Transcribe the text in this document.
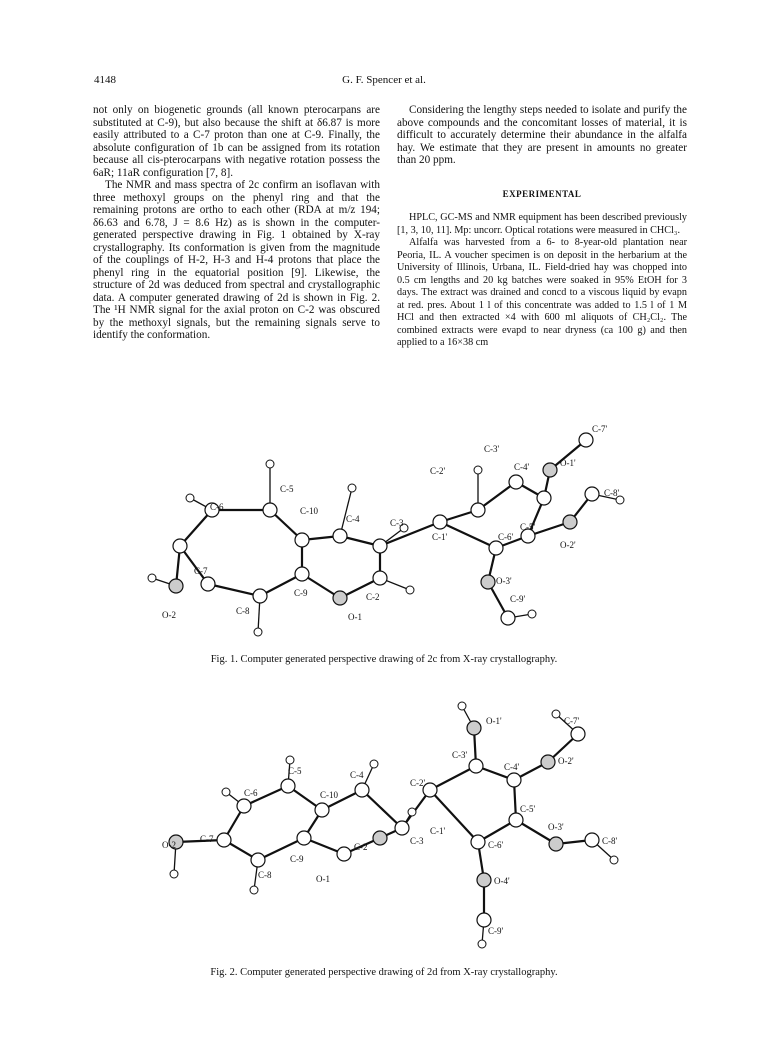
4148	G. F. Spencer et al.

not only on biogenetic grounds (all known pterocarpans are substituted at C-9), but also because the shift at δ6.87 is more easily attributed to a C-7 proton than one at C-9. Finally, the absolute configuration of 1b can be assigned from its rotation because all cis-pterocarpans with negative rotation possess the 6aR; 11aR configuration [7, 8].

The NMR and mass spectra of 2c confirm an isoflavan with three methoxyl groups on the phenyl ring and that the remaining protons are ortho to each other (RDA at m/z 194; δ6.63 and 6.78, J = 8.6 Hz) as is shown in the computer-generated perspective drawing in Fig. 1 obtained by X-ray crystallography. Its conformation is given from the magnitude of the couplings of H-2, H-3 and H-4 protons that place the phenyl ring in the equatorial position [9]. Likewise, the structure of 2d was deduced from spectral and crystallographic data. A computer generated drawing of 2d is shown in Fig. 2. The ¹H NMR signal for the axial proton on C-2 was obscured by the methoxyl signals, but the remaining signals serve to identify the conformation.

Considering the lengthy steps needed to isolate and purify the above compounds and the concomitant losses of material, it is difficult to accurately determine their abundance in the alfalfa hay. We estimate that they are present in amounts no greater than 20 ppm.

EXPERIMENTAL

HPLC, GC-MS and NMR equipment has been described previously [1, 3, 10, 11]. Mp: uncorr. Optical rotations were measured in CHCl₃.

Alfalfa was harvested from a 6- to 8-year-old plantation near Peoria, IL. A voucher specimen is on deposit in the herbarium at the University of Illinois, Urbana, IL. Field-dried hay was chopped into 0.5 cm lengths and 20 kg batches were soaked in 95% EtOH for 3 days. The extract was drained and concd to a viscous liquid by evapn at red. pres. About 1 l of this concentrate was added to 1.5 l of 1 M HCl and then extracted ×4 with 600 ml aliquots of CH₂Cl₂. The combined extracts were evapd to near dryness (ca 100 g) and then applied to a 16×38 cm

C-7'
C-3'
O-1'
C-2'	C-4'
C-8'
C-5
C-6	C-10
C-4	C-3
C-1'	C-6'
C-5'
O-2'
C-7
O-3'
C-9	C-2
C-8
C-9'
O-2	O-1
Fig. 1. Computer generated perspective drawing of 2c from X-ray crystallography.
O-1'	C-7'
C-3'
C-4'
O-2'
C-2'
C-5	C-4
C-6	C-10
C-5'
O-3'
C-1'
C-8'
O-2
C-7	C-3	C-6'
C-9
C-2
C-8	O-1	O-4'
C-9'
Fig. 2. Computer generated perspective drawing of 2d from X-ray crystallography.
